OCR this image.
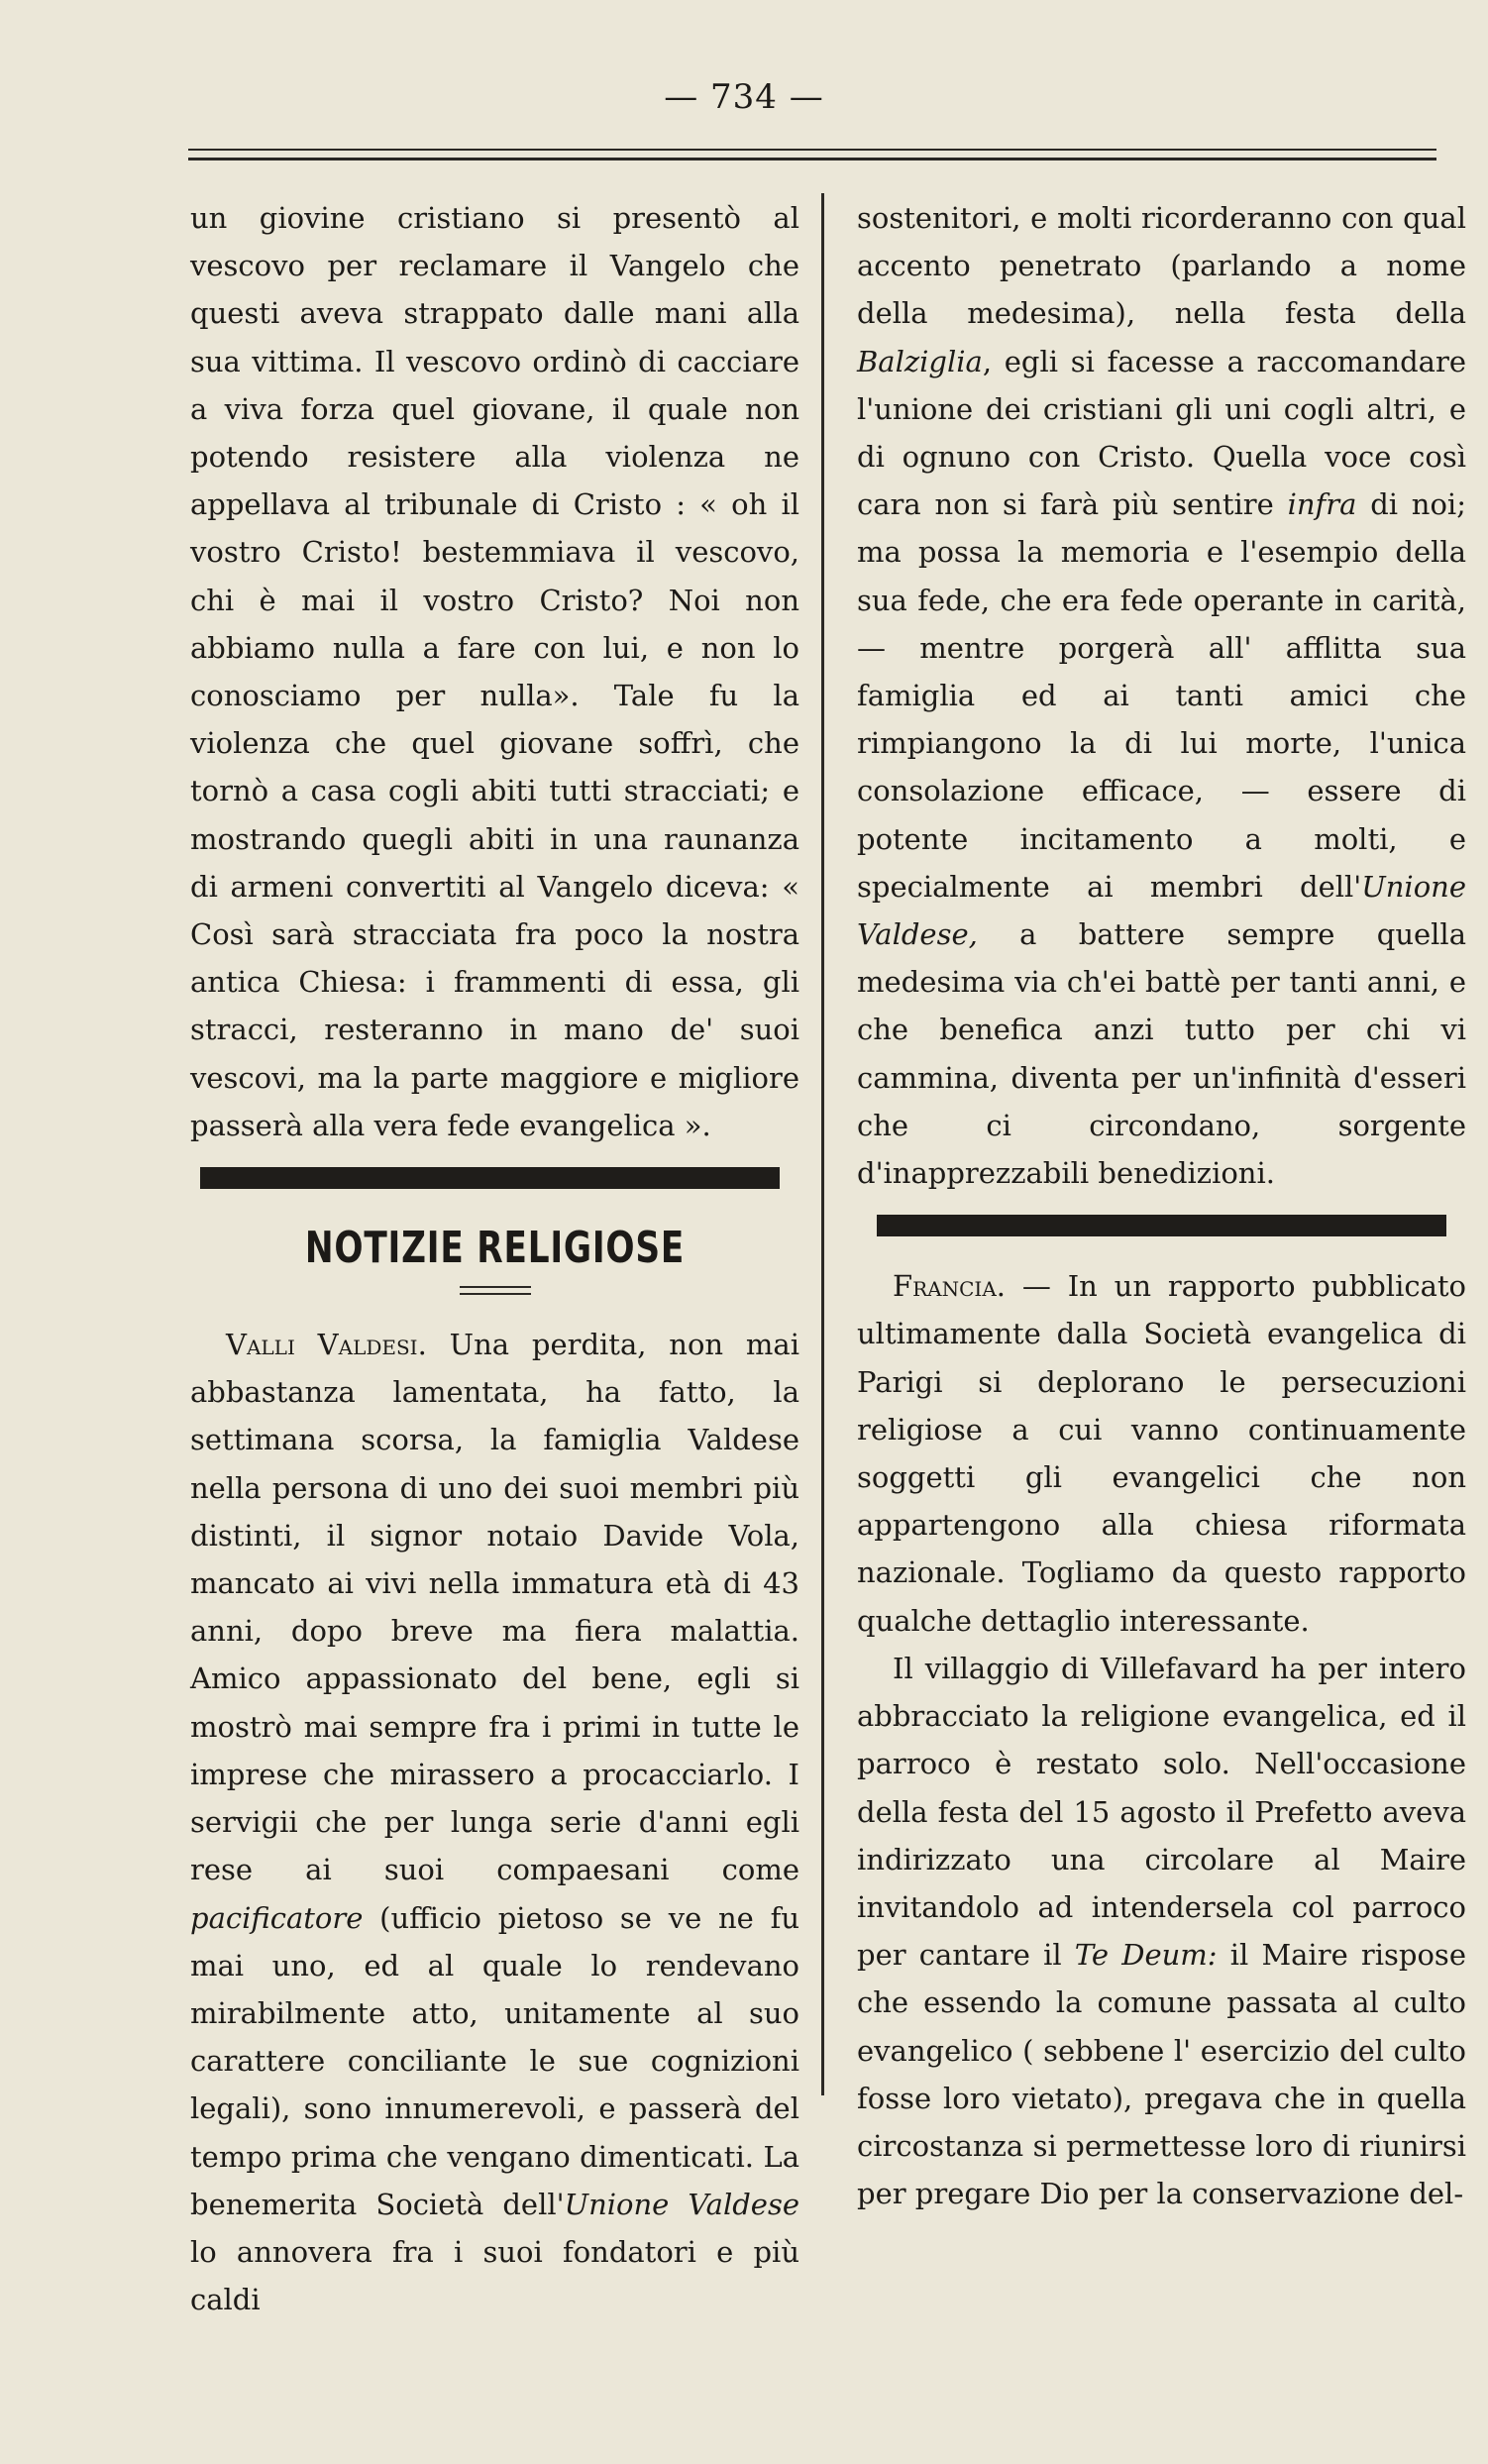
— 734 —

un giovine cristiano si presentò al vescovo per reclamare il Vangelo che questi aveva strappato dalle mani alla sua vittima. Il vescovo ordinò di cacciare a viva forza quel giovane, il quale non potendo resistere alla violenza ne appellava al tribunale di Cristo : « oh il vostro Cristo! bestemmiava il vescovo, chi è mai il vostro Cristo? Noi non abbiamo nulla a fare con lui, e non lo conosciamo per nulla». Tale fu la violenza che quel giovane soffrì, che tornò a casa cogli abiti tutti stracciati; e mostrando quegli abiti in una raunanza di armeni convertiti al Vangelo diceva: « Così sarà stracciata fra poco la nostra antica Chiesa: i frammenti di essa, gli stracci, resteranno in mano de' suoi vescovi, ma la parte maggiore e migliore passerà alla vera fede evangelica ».

NOTIZIE RELIGIOSE

Valli Valdesi. Una perdita, non mai abbastanza lamentata, ha fatto, la settimana scorsa, la famiglia Valdese nella persona di uno dei suoi membri più distinti, il signor notaio Davide Vola, mancato ai vivi nella immatura età di 43 anni, dopo breve ma fiera malattia. Amico appassionato del bene, egli si mostrò mai sempre fra i primi in tutte le imprese che mirassero a procacciarlo. I servigii che per lunga serie d'anni egli rese ai suoi compaesani come pacificatore (ufficio pietoso se ve ne fu mai uno, ed al quale lo rendevano mirabilmente atto, unitamente al suo carattere conciliante le sue cognizioni legali), sono innumerevoli, e passerà del tempo prima che vengano dimenticati. La benemerita Società dell'Unione Valdese lo annovera fra i suoi fondatori e più caldi

sostenitori, e molti ricorderanno con qual accento penetrato (parlando a nome della medesima), nella festa della Balziglia, egli si facesse a raccomandare l'unione dei cristiani gli uni cogli altri, e di ognuno con Cristo. Quella voce così cara non si farà più sentire infra di noi; ma possa la memoria e l'esempio della sua fede, che era fede operante in carità, — mentre porgerà all' afflitta sua famiglia ed ai tanti amici che rimpiangono la di lui morte, l'unica consolazione efficace, — essere di potente incitamento a molti, e specialmente ai membri dell'Unione Valdese, a battere sempre quella medesima via ch'ei battè per tanti anni, e che benefica anzi tutto per chi vi cammina, diventa per un'infinità d'esseri che ci circondano, sorgente d'inapprezzabili benedizioni.

Francia. — In un rapporto pubblicato ultimamente dalla Società evangelica di Parigi si deplorano le persecuzioni religiose a cui vanno continuamente soggetti gli evangelici che non appartengono alla chiesa riformata nazionale. Togliamo da questo rapporto qualche dettaglio interessante.

Il villaggio di Villefavard ha per intero abbracciato la religione evangelica, ed il parroco è restato solo. Nell'occasione della festa del 15 agosto il Prefetto aveva indirizzato una circolare al Maire invitandolo ad intendersela col parroco per cantare il Te Deum: il Maire rispose che essendo la comune passata al culto evangelico ( sebbene l' esercizio del culto fosse loro vietato), pregava che in quella circostanza si permettesse loro di riunirsi per pregare Dio per la conservazione del-
